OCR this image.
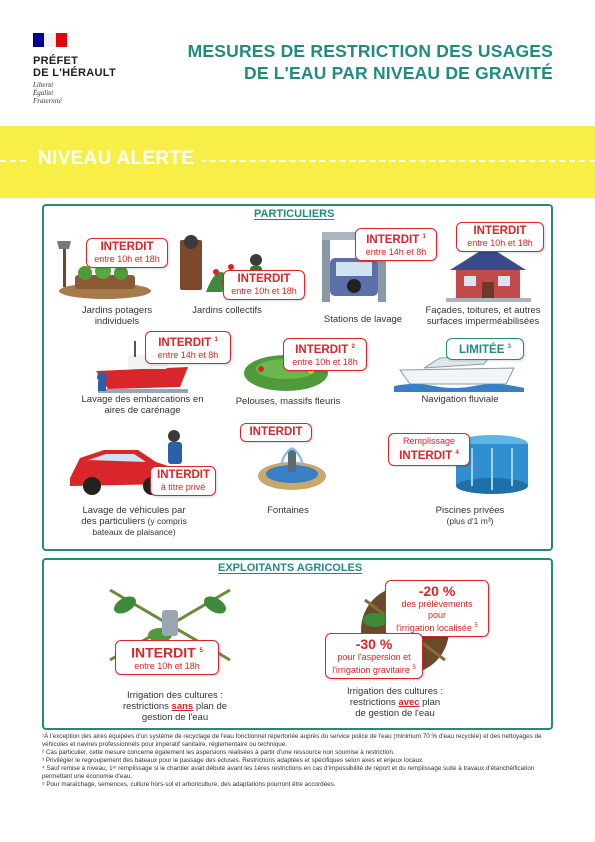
PRÉFET
DE L'HÉRAULT
Liberté
Égalité
Fraternité
MESURES DE RESTRICTION DES USAGES
DE L'EAU PAR NIVEAU DE GRAVITÉ
NIVEAU ALERTE
PARTICULIERS
INTERDIT
entre 10h et 18h
INTERDIT
entre 10h et 18h
INTERDIT $^1$
entre 14h et 8h
INTERDIT
entre 10h et 18h
INTERDIT $^1$
entre 14h et 8h	INTERDIT $^2$
entre 10h et 18h
LIMITÉE $^3$
INTERDIT
à titre privé
INTERDIT
Remplissage
INTERDIT $^4$
Jardins potagers
individuels
Jardins collectifs
Stations de lavage
Façades, toitures, et autres
surfaces imperméabilisées
Lavage des embarcations en
aires de carénage
Pelouses, massifs fleuris	Navigation fluviale
Lavage de véhicules par
des particuliers (y compris
bateaux de plaisance)
Fontaines	Piscines privées
(plus d'1 m³)
EXPLOITANTS AGRICOLES
INTERDIT $^5$
entre 10h et 18h
-20 %
des prélèvements pour
l'irrigation localisée $^5$
-30 %
pour l'aspersion et
l'irrigation gravitaire $^5$
Irrigation des cultures :
restrictions sans plan de
gestion de l'eau
Irrigation des cultures :
restrictions avec plan
de gestion de l'eau

¹À l'exception des aires équipées d'un système de recyclage de l'eau fonctionnel répertoriée auprès du service police de l'eau (minimum 70 % d'eau recyclée) et des nettoyages de véhicules et navires professionnels pour impératif sanitaire, réglementaire ou technique.

² Cas particulier, cette mesure concerne également les aspersions réalisées à partir d'une ressource non soumise à restriction.

³ Privilégier le regroupement des bateaux pour le passage des écluses. Restrictions adaptées et spécifiques selon axes et enjeux locaux.

⁴ Sauf remise à niveau, 1ᵉʳ remplissage si le chantier avait débuté avant les 1ères restrictions en cas d'impossibilité de report et du remplissage suite à travaux d'étanchéification permettant une économie d'eau.

⁵ Pour maraîchage, semences, culture hors-sol et arboriculture, des adaptations pourront être accordées.
